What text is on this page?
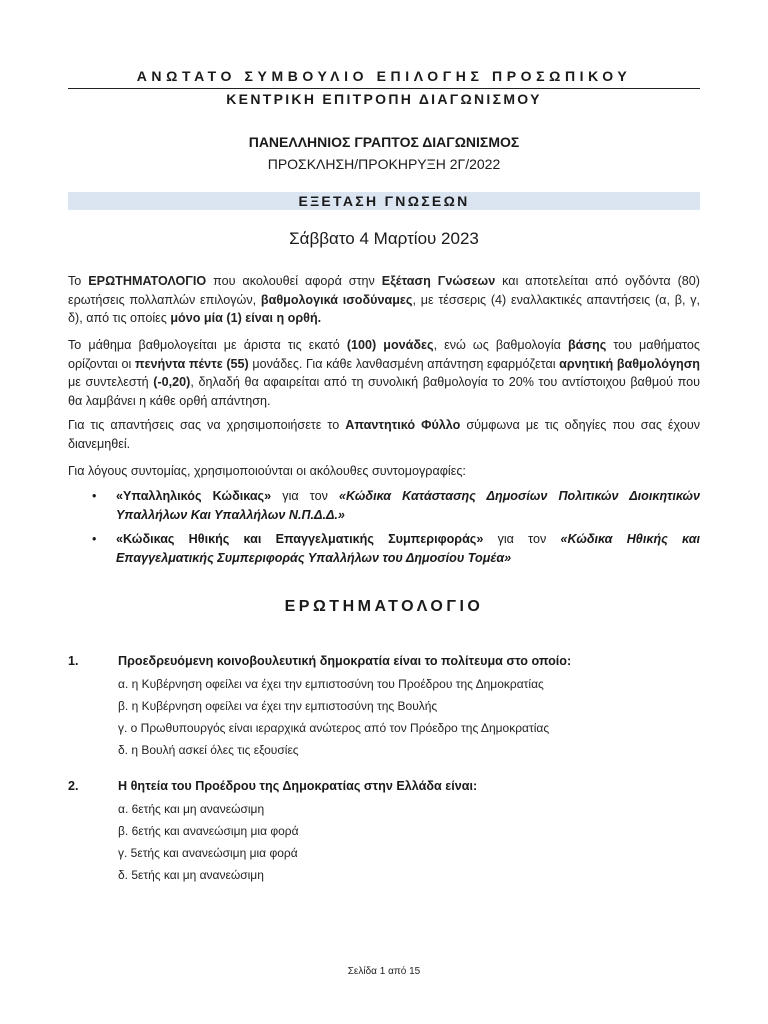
ΑΝΩΤΑΤΟ ΣΥΜΒΟΥΛΙΟ ΕΠΙΛΟΓΗΣ ΠΡΟΣΩΠΙΚΟΥ
ΚΕΝΤΡΙΚΗ ΕΠΙΤΡΟΠΗ ΔΙΑΓΩΝΙΣΜΟΥ
ΠΑΝΕΛΛΗΝΙΟΣ ΓΡΑΠΤΟΣ ΔΙΑΓΩΝΙΣΜΟΣ
ΠΡΟΣΚΛΗΣΗ/ΠΡΟΚΗΡΥΞΗ 2Γ/2022
ΕΞΕΤΑΣΗ ΓΝΩΣΕΩΝ
Σάββατο 4 Μαρτίου 2023
Το ΕΡΩΤΗΜΑΤΟΛΟΓΙΟ που ακολουθεί αφορά στην Εξέταση Γνώσεων και αποτελείται από ογδόντα (80) ερωτήσεις πολλαπλών επιλογών, βαθμολογικά ισοδύναμες, με τέσσερις (4) εναλλακτικές απαντήσεις (α, β, γ, δ), από τις οποίες μόνο μία (1) είναι η ορθή.
Το μάθημα βαθμολογείται με άριστα τις εκατό (100) μονάδες, ενώ ως βαθμολογία βάσης του μαθήματος ορίζονται οι πενήντα πέντε (55) μονάδες. Για κάθε λανθασμένη απάντηση εφαρμόζεται αρνητική βαθμολόγηση με συντελεστή (-0,20), δηλαδή θα αφαιρείται από τη συνολική βαθμολογία το 20% του αντίστοιχου βαθμού που θα λαμβάνει η κάθε ορθή απάντηση.
Για τις απαντήσεις σας να χρησιμοποιήσετε το Απαντητικό Φύλλο σύμφωνα με τις οδηγίες που σας έχουν διανεμηθεί.
Για λόγους συντομίας, χρησιμοποιούνται οι ακόλουθες συντομογραφίες:
•	«Υπαλληλικός Κώδικας» για τον «Κώδικα Κατάστασης Δημοσίων Πολιτικών Διοικητικών Υπαλλήλων Και Υπαλλήλων Ν.Π.Δ.Δ.»
•	«Κώδικας Ηθικής και Επαγγελματικής Συμπεριφοράς» για τον «Κώδικα Ηθικής και Επαγγελματικής Συμπεριφοράς Υπαλλήλων του Δημοσίου Τομέα»
ΕΡΩΤΗΜΑΤΟΛΟΓΙΟ
1.	Προεδρευόμενη κοινοβουλευτική δημοκρατία είναι το πολίτευμα στο οποίο:
α. η Κυβέρνηση οφείλει να έχει την εμπιστοσύνη του Προέδρου της Δημοκρατίας
β. η Κυβέρνηση οφείλει να έχει την εμπιστοσύνη της Βουλής
γ. ο Πρωθυπουργός είναι ιεραρχικά ανώτερος από τον Πρόεδρο της Δημοκρατίας
δ. η Βουλή ασκεί όλες τις εξουσίες
2.	Η θητεία του Προέδρου της Δημοκρατίας στην Ελλάδα είναι:
α. 6ετής και μη ανανεώσιμη
β. 6ετής και ανανεώσιμη μια φορά
γ. 5ετής και ανανεώσιμη μια φορά
δ. 5ετής και μη ανανεώσιμη
Σελίδα 1 από 15
